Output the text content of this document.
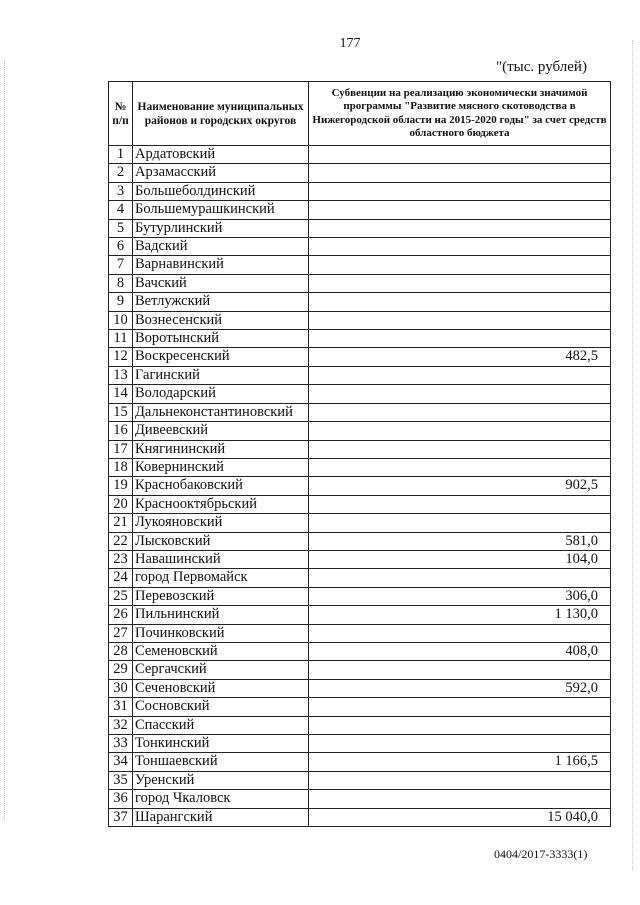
177
"(тыс. рублей)
№ п/п	Наименование муниципальных районов и городских округов	Субвенции на реализацию экономически значимой программы "Развитие мясного скотоводства в Нижегородской области на 2015-2020 годы" за счет средств областного бюджета
1	Ардатовский	
2	Арзамасский	
3	Большеболдинский	
4	Большемурашкинский	
5	Бутурлинский	
6	Вадский	
7	Варнавинский	
8	Вачский	
9	Ветлужский	
10	Вознесенский	
11	Воротынский	
12	Воскресенский	482,5
13	Гагинский	
14	Володарский	
15	Дальнеконстантиновский	
16	Дивеевский	
17	Княгининский	
18	Ковернинский	
19	Краснобаковский	902,5
20	Краснооктябрьский	
21	Лукояновский	
22	Лысковский	581,0
23	Навашинский	104,0
24	город Первомайск	
25	Перевозский	306,0
26	Пильнинский	1 130,0
27	Починковский	
28	Семеновский	408,0
29	Сергачский	
30	Сеченовский	592,0
31	Сосновский	
32	Спасский	
33	Тонкинский	
34	Тоншаевский	1 166,5
35	Уренский	
36	город Чкаловск	
37	Шарангский	15 040,0
0404/2017-3333(1)
